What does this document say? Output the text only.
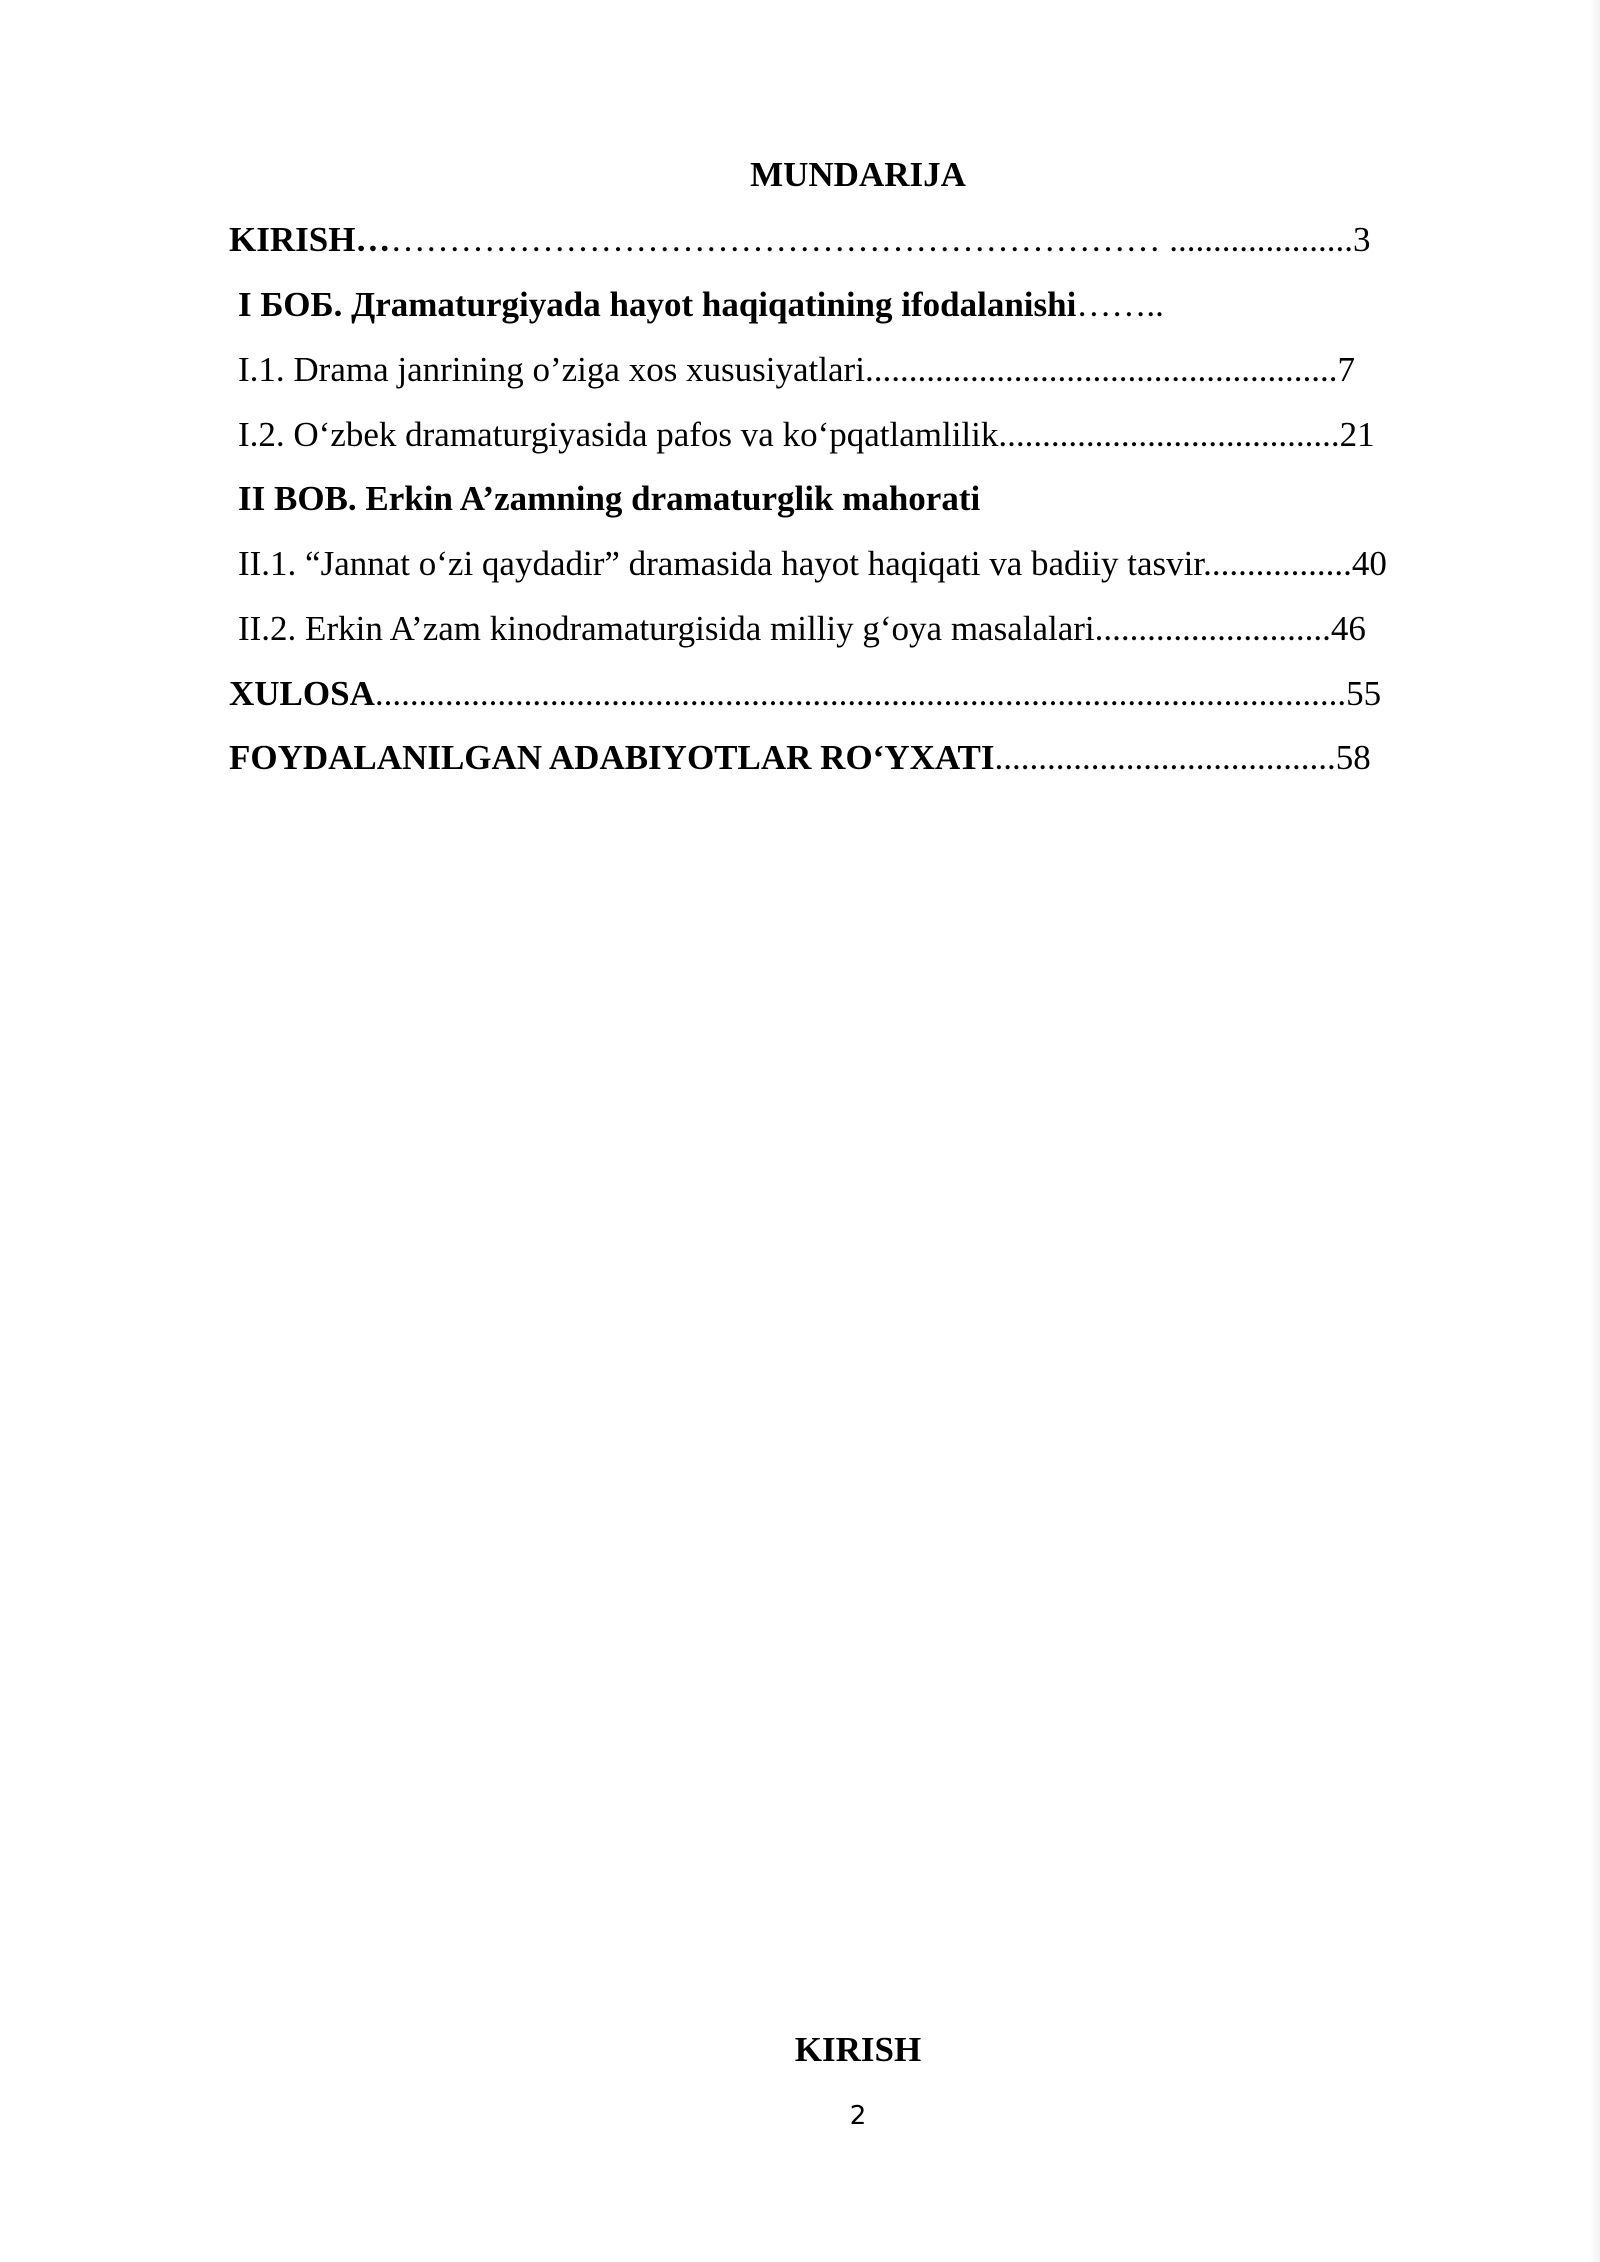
MUNDARIJA
KIRISH…………………………………………………………… .....................3
I БОБ. Дramaturgiyada hayot haqiqatining ifodalanishi……..
I.1. Drama janrining o’ziga xos xususiyatlari......................................................7
I.2. O‘zbek dramaturgiyasida pafos va ko‘pqatlamlilik.......................................21
II BOB. Erkin A’zamning dramaturglik mahorati
II.1. “Jannat o‘zi qaydadir” dramasida hayot haqiqati va badiiy tasvir.................40
II.2. Erkin A’zam kinodramaturgisida milliy g‘oya masalalari...........................46
XULOSA...............................................................................................................55
FOYDALANILGAN ADABIYOTLAR RO‘YXATI.......................................58
KIRISH
2
